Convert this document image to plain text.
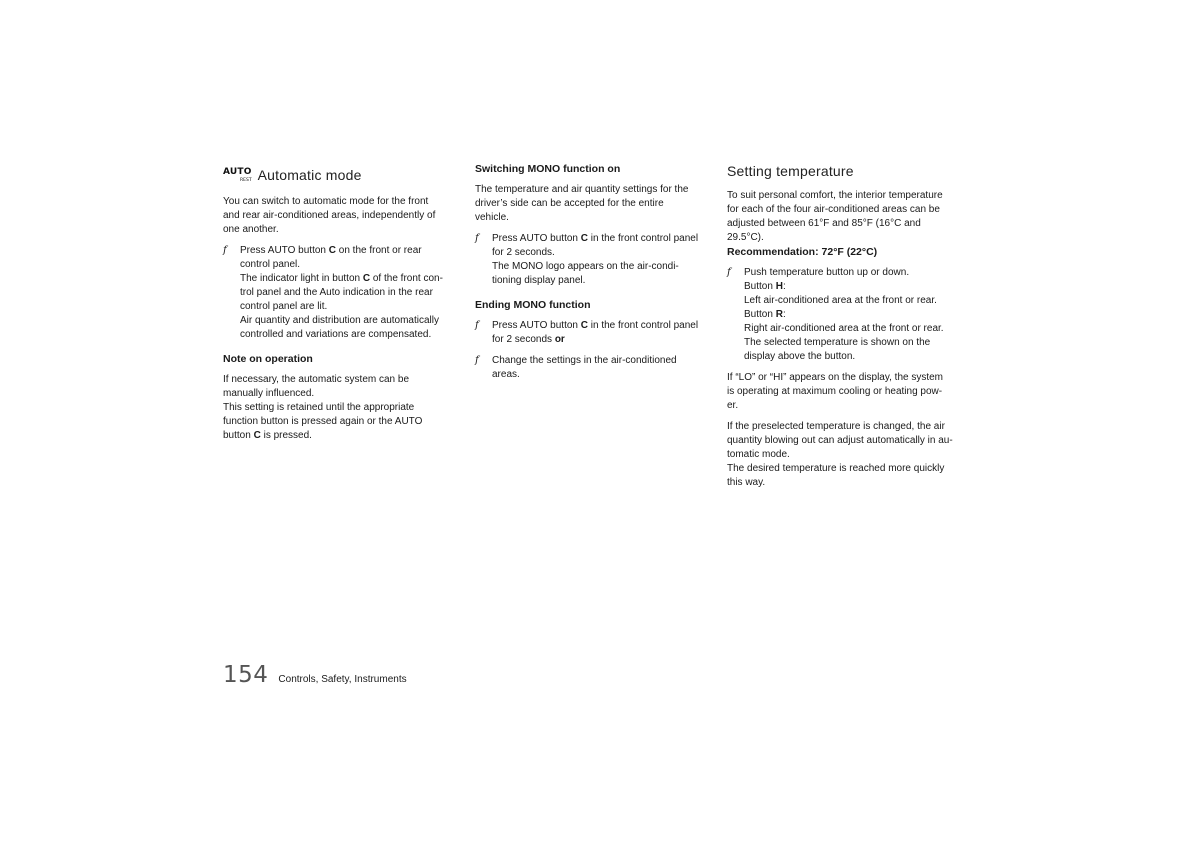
AUTO
REST Automatic mode

You can switch to automatic mode for the front

and rear air-conditioned areas, independently of

one another.

f	Press AUTO button C on the front or rear

control panel.

The indicator light in button C of the front con-

trol panel and the Auto indication in the rear

control panel are lit.

Air quantity and distribution are automatically

controlled and variations are compensated.

Note on operation

If necessary, the automatic system can be

manually influenced.

This setting is retained until the appropriate

function button is pressed again or the AUTO

button C is pressed.

Switching MONO function on

The temperature and air quantity settings for the

driver’s side can be accepted for the entire

vehicle.

f	Press AUTO button C in the front control panel

for 2 seconds.

The MONO logo appears on the air-condi-

tioning display panel.

Ending MONO function

f	Press AUTO button C in the front control panel

for 2 seconds or

f	Change the settings in the air-conditioned

areas.

Setting temperature

To suit personal comfort, the interior temperature

for each of the four air-conditioned areas can be

adjusted between 61°F and 85°F (16°C and

29.5°C).

Recommendation: 72°F (22°C)

f	Push temperature button up or down.

Button H:

Left air-conditioned area at the front or rear.

Button R:

Right air-conditioned area at the front or rear.

The selected temperature is shown on the

display above the button.

If “LO” or “HI” appears on the display, the system

is operating at maximum cooling or heating pow-

er.

If the preselected temperature is changed, the air

quantity blowing out can adjust automatically in au-

tomatic mode.

The desired temperature is reached more quickly

this way.

154 Controls, Safety, Instruments
